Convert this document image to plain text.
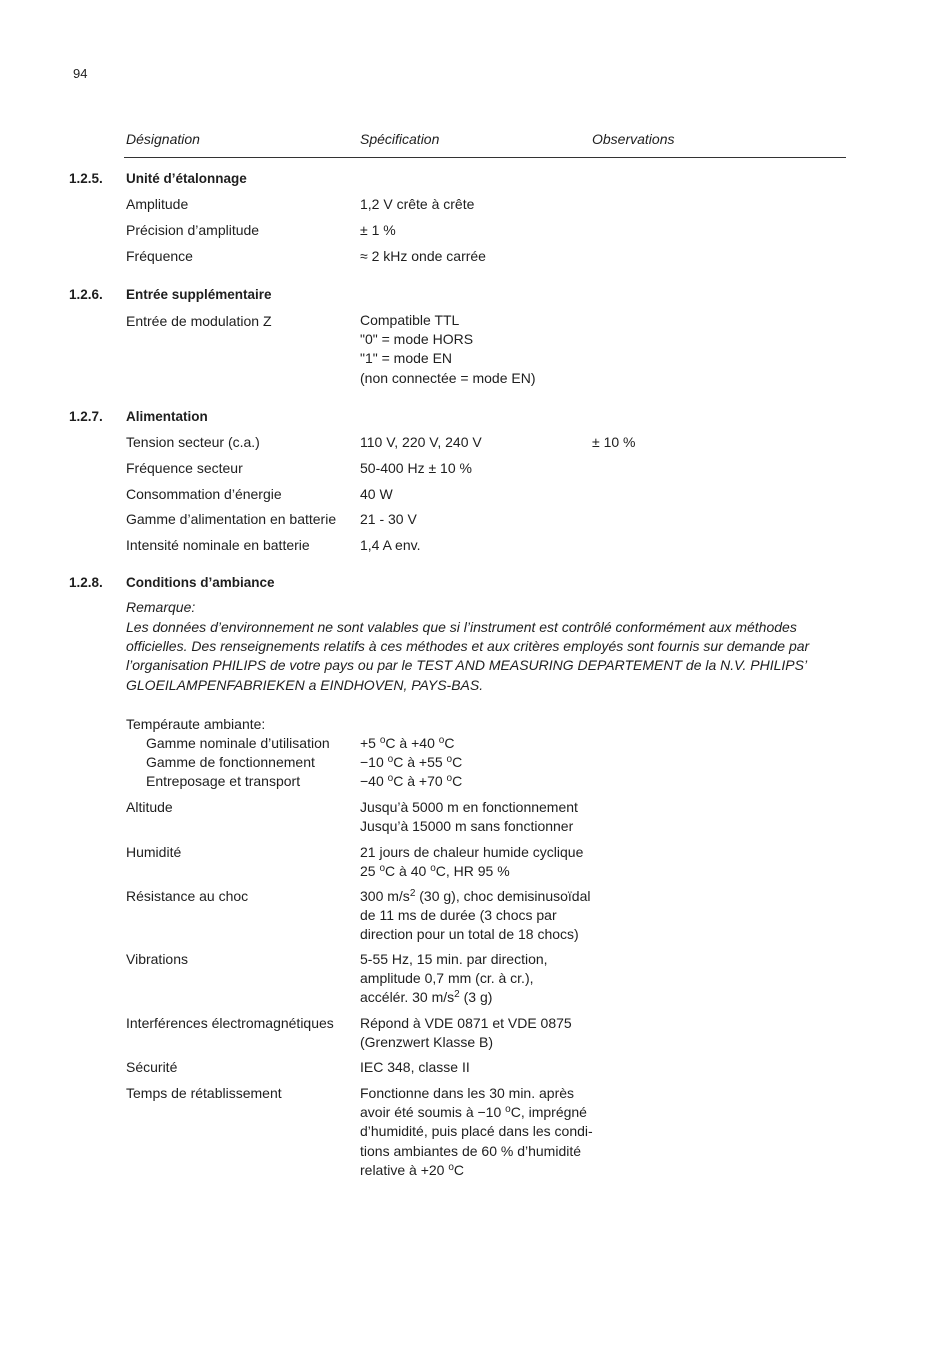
94
Désignation	Spécification	Observations
1.2.5. Unité d’étalonnage
Amplitude	1,2 V crête à crête
Précision d’amplitude	± 1 %
Fréquence	≈ 2 kHz onde carrée
1.2.6. Entrée supplémentaire
Entrée de modulation Z	Compatible TTL
"0" = mode HORS
"1" = mode EN
(non connectée = mode EN)
1.2.7. Alimentation
Tension secteur (c.a.)	110 V, 220 V, 240 V	± 10 %
Fréquence secteur	50-400 Hz ± 10 %
Consommation d’énergie	40 W
Gamme d’alimentation en batterie 21 - 30 V
Intensité nominale en batterie	1,4 A env.
1.2.8. Conditions d’ambiance
Remarque:
Les données d’environnement ne sont valables que si l’instrument est contrôlé conformément aux méthodes officielles. Des renseignements relatifs à ces méthodes et aux critères employés sont fournis sur demande par l’organisation PHILIPS de votre pays ou par le TEST AND MEASURING DEPARTEMENT de la N.V. PHILIPS’ GLOEILAMPENFABRIEKEN a EINDHOVEN, PAYS-BAS.
Tempéraute ambiante:
Gamme nominale d’utilisation +5 $^o$C à +40 $^o$C
Gamme de fonctionnement	−10 $^o$C à +55 $^o$C
Entreposage et transport	−40 $^o$C à +70 $^o$C
Altitude	Jusqu’à 5000 m en fonctionnement
Jusqu’à 15000 m sans fonctionner
Humidité	21 jours de chaleur humide cyclique
25 $^o$C à 40 $^o$C, HR 95 %
Résistance au choc	300 $m/s^2$ (30 g), choc demisinusoïdal
de 11 ms de durée (3 chocs par
direction pour un total de 18 chocs)
Vibrations	5-55 Hz, 15 min. par direction,
amplitude 0,7 mm (cr. à cr.),
accélér. 30 $m/s^2$ (3 g)
Interférences électromagnétiques Répond à VDE 0871 et VDE 0875
(Grenzwert Klasse B)
Sécurité	IEC 348, classe II
Temps de rétablissement	Fonctionne dans les 30 min. après
avoir été soumis à −10 $^o$C, imprégné
d’humidité, puis placé dans les condi-
tions ambiantes de 60 % d’humidité
relative à +20 $^o$C
